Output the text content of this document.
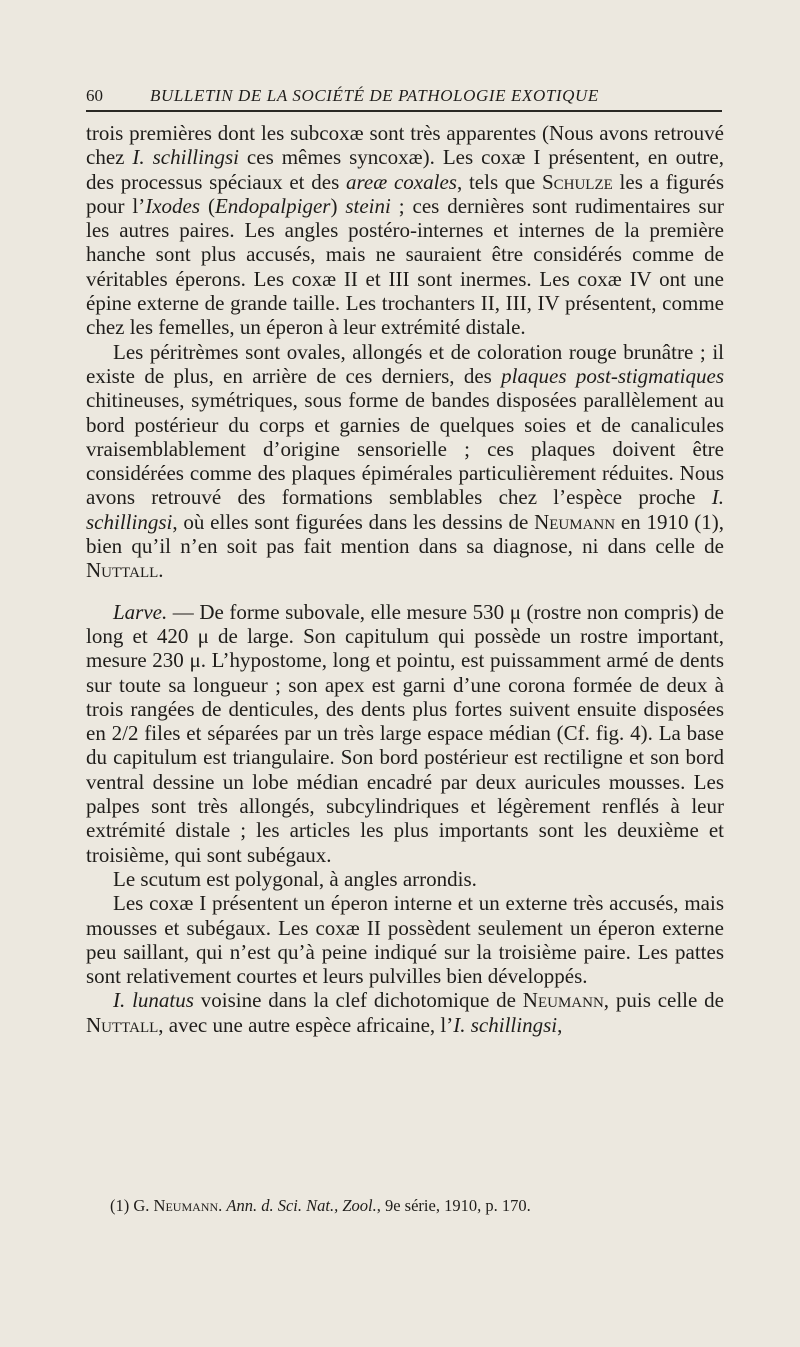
60	BULLETIN DE LA SOCIÉTÉ DE PATHOLOGIE EXOTIQUE

trois premières dont les subcoxæ sont très apparentes (Nous avons retrouvé chez I. schillingsi ces mêmes syncoxæ). Les coxæ I présentent, en outre, des processus spéciaux et des areæ coxales, tels que Schulze les a figurés pour l’Ixodes (Endopalpiger) steini ; ces dernières sont rudimentaires sur les autres paires. Les angles postéro-internes et internes de la première hanche sont plus accusés, mais ne sauraient être considérés comme de véritables éperons. Les coxæ II et III sont inermes. Les coxæ IV ont une épine externe de grande taille. Les trochanters II, III, IV présentent, comme chez les femelles, un éperon à leur extrémité distale.

Les péritrèmes sont ovales, allongés et de coloration rouge brunâtre ; il existe de plus, en arrière de ces derniers, des plaques post-stigmatiques chitineuses, symétriques, sous forme de bandes disposées parallèlement au bord postérieur du corps et garnies de quelques soies et de canalicules vraisemblablement d’origine sensorielle ; ces plaques doivent être considérées comme des plaques épimérales particulièrement réduites. Nous avons retrouvé des formations semblables chez l’espèce proche I. schillingsi, où elles sont figurées dans les dessins de Neumann en 1910 (1), bien qu’il n’en soit pas fait mention dans sa diagnose, ni dans celle de Nuttall.

Larve. — De forme subovale, elle mesure 530 μ (rostre non compris) de long et 420 μ de large. Son capitulum qui possède un rostre important, mesure 230 μ. L’hypostome, long et pointu, est puissamment armé de dents sur toute sa longueur ; son apex est garni d’une corona formée de deux à trois rangées de denticules, des dents plus fortes suivent ensuite disposées en 2/2 files et séparées par un très large espace médian (Cf. fig. 4). La base du capitulum est triangulaire. Son bord postérieur est rectiligne et son bord ventral dessine un lobe médian encadré par deux auricules mousses. Les palpes sont très allongés, subcylindriques et légèrement renflés à leur extrémité distale ; les articles les plus importants sont les deuxième et troisième, qui sont subégaux.

Le scutum est polygonal, à angles arrondis.

Les coxæ I présentent un éperon interne et un externe très accusés, mais mousses et subégaux. Les coxæ II possèdent seulement un éperon externe peu saillant, qui n’est qu’à peine indiqué sur la troisième paire. Les pattes sont relativement courtes et leurs pulvilles bien développés.

I. lunatus voisine dans la clef dichotomique de Neumann, puis celle de Nuttall, avec une autre espèce africaine, l’I. schillingsi,

(1) G. Neumann. Ann. d. Sci. Nat., Zool., 9e série, 1910, p. 170.
